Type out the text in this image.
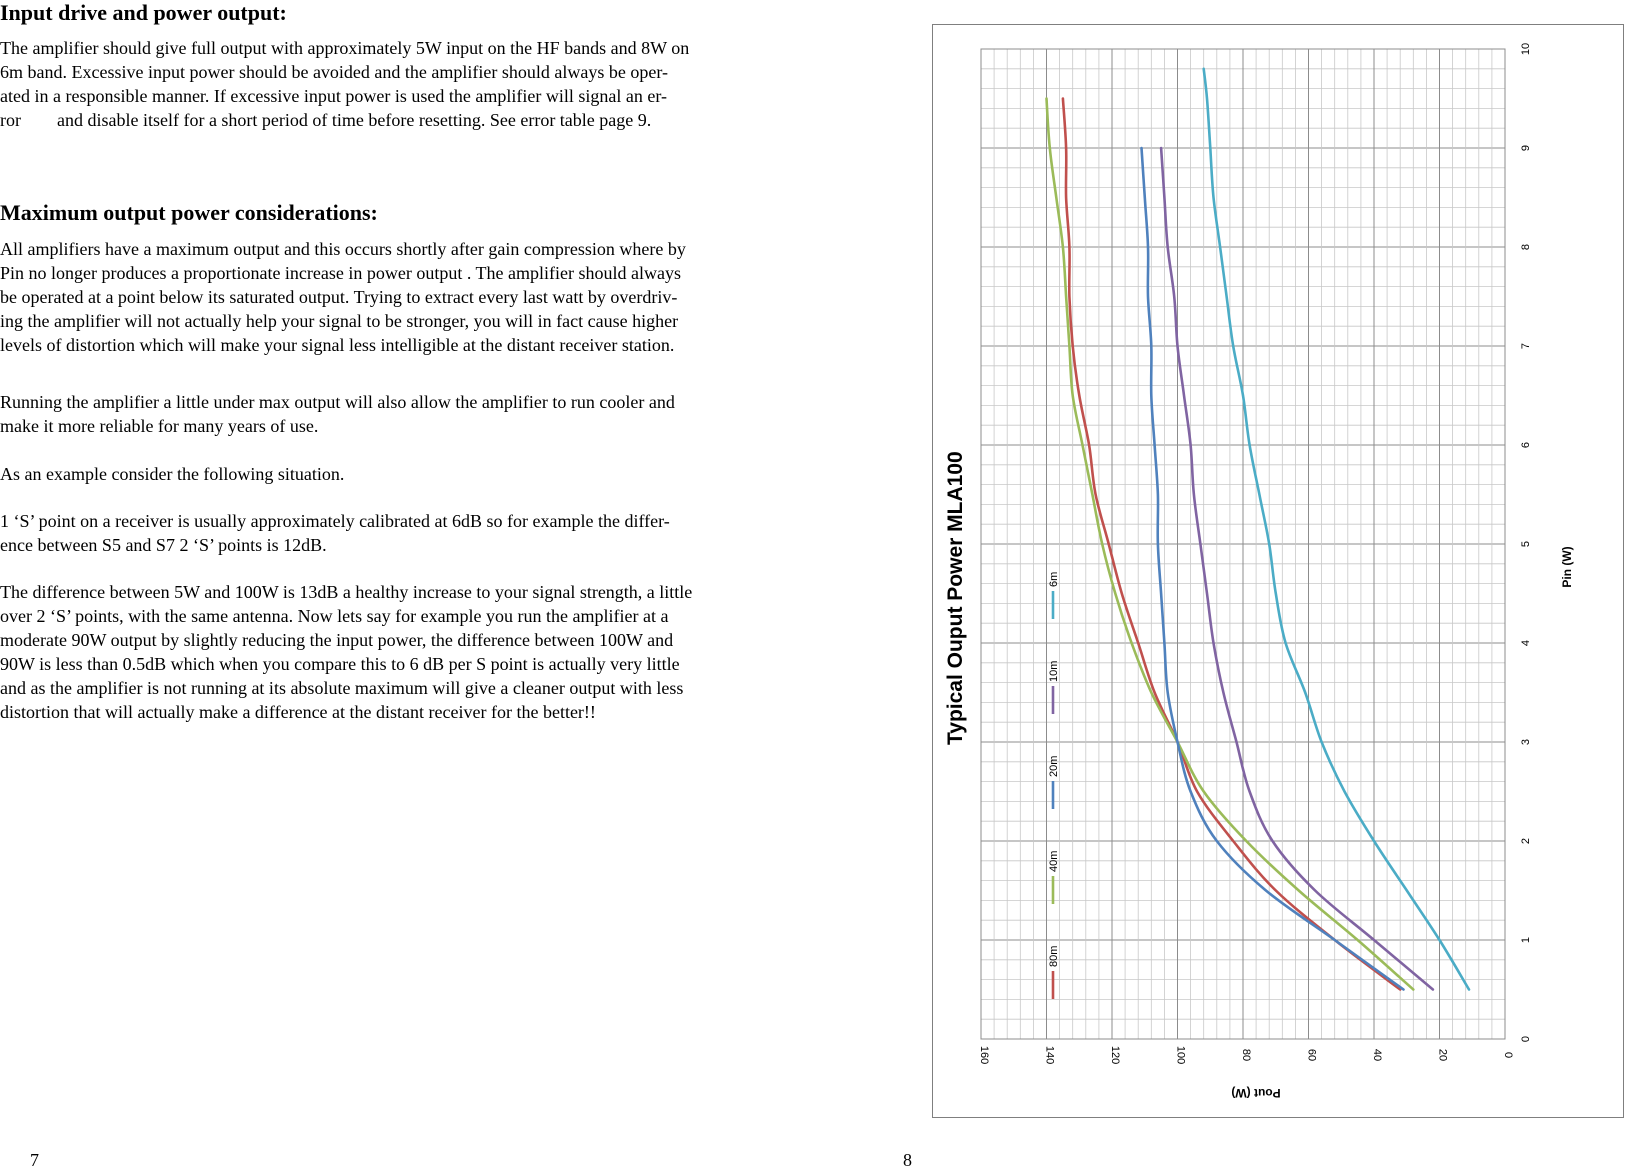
Input drive and power output:

The amplifier should give full output with approximately 5W input on the HF bands and 8W on
6m band. Excessive input power should be avoided and the amplifier should always be oper-
ated in a responsible manner. If excessive input power is used the amplifier will signal an er-
ror        and disable itself for a short period of time before resetting. See error table page 9.

Maximum output power considerations:

All amplifiers have a maximum output and this occurs shortly after gain compression where by
Pin no longer produces a proportionate increase in power output . The amplifier should always
be operated at a point below its saturated output. Trying to extract every last watt by overdriv-
ing the amplifier will not actually help your signal to be stronger, you will in fact cause higher
levels of distortion which will make your signal less intelligible at the distant receiver station.

Running the amplifier a little under max output will also allow the amplifier to run cooler and
make it more reliable for many years of use.

As an example consider the following situation.

1 ‘S’ point on a receiver is usually approximately calibrated at 6dB so for example the differ-
ence between S5 and S7 2 ‘S’ points is 12dB.

The difference between 5W and 100W is 13dB a healthy increase to your signal strength, a little
over 2 ‘S’ points, with the same antenna. Now lets say for example you run the amplifier at a
moderate 90W output by slightly reducing the input power, the difference between 100W and
90W is less than 0.5dB which when you compare this to 6 dB per S point is actually very little
and as the amplifier is not running at its absolute maximum will give a cleaner output with less
distortion that will actually make a difference at the distant receiver for the better!!

7	8
0
1
2
3
4
5
6
7
8
9
10
0
20
40
60
80
100
120
140
160
80m
40m
20m
10m
6m
Typical Ouput Power MLA100	Pin (W)
Pout (W)
